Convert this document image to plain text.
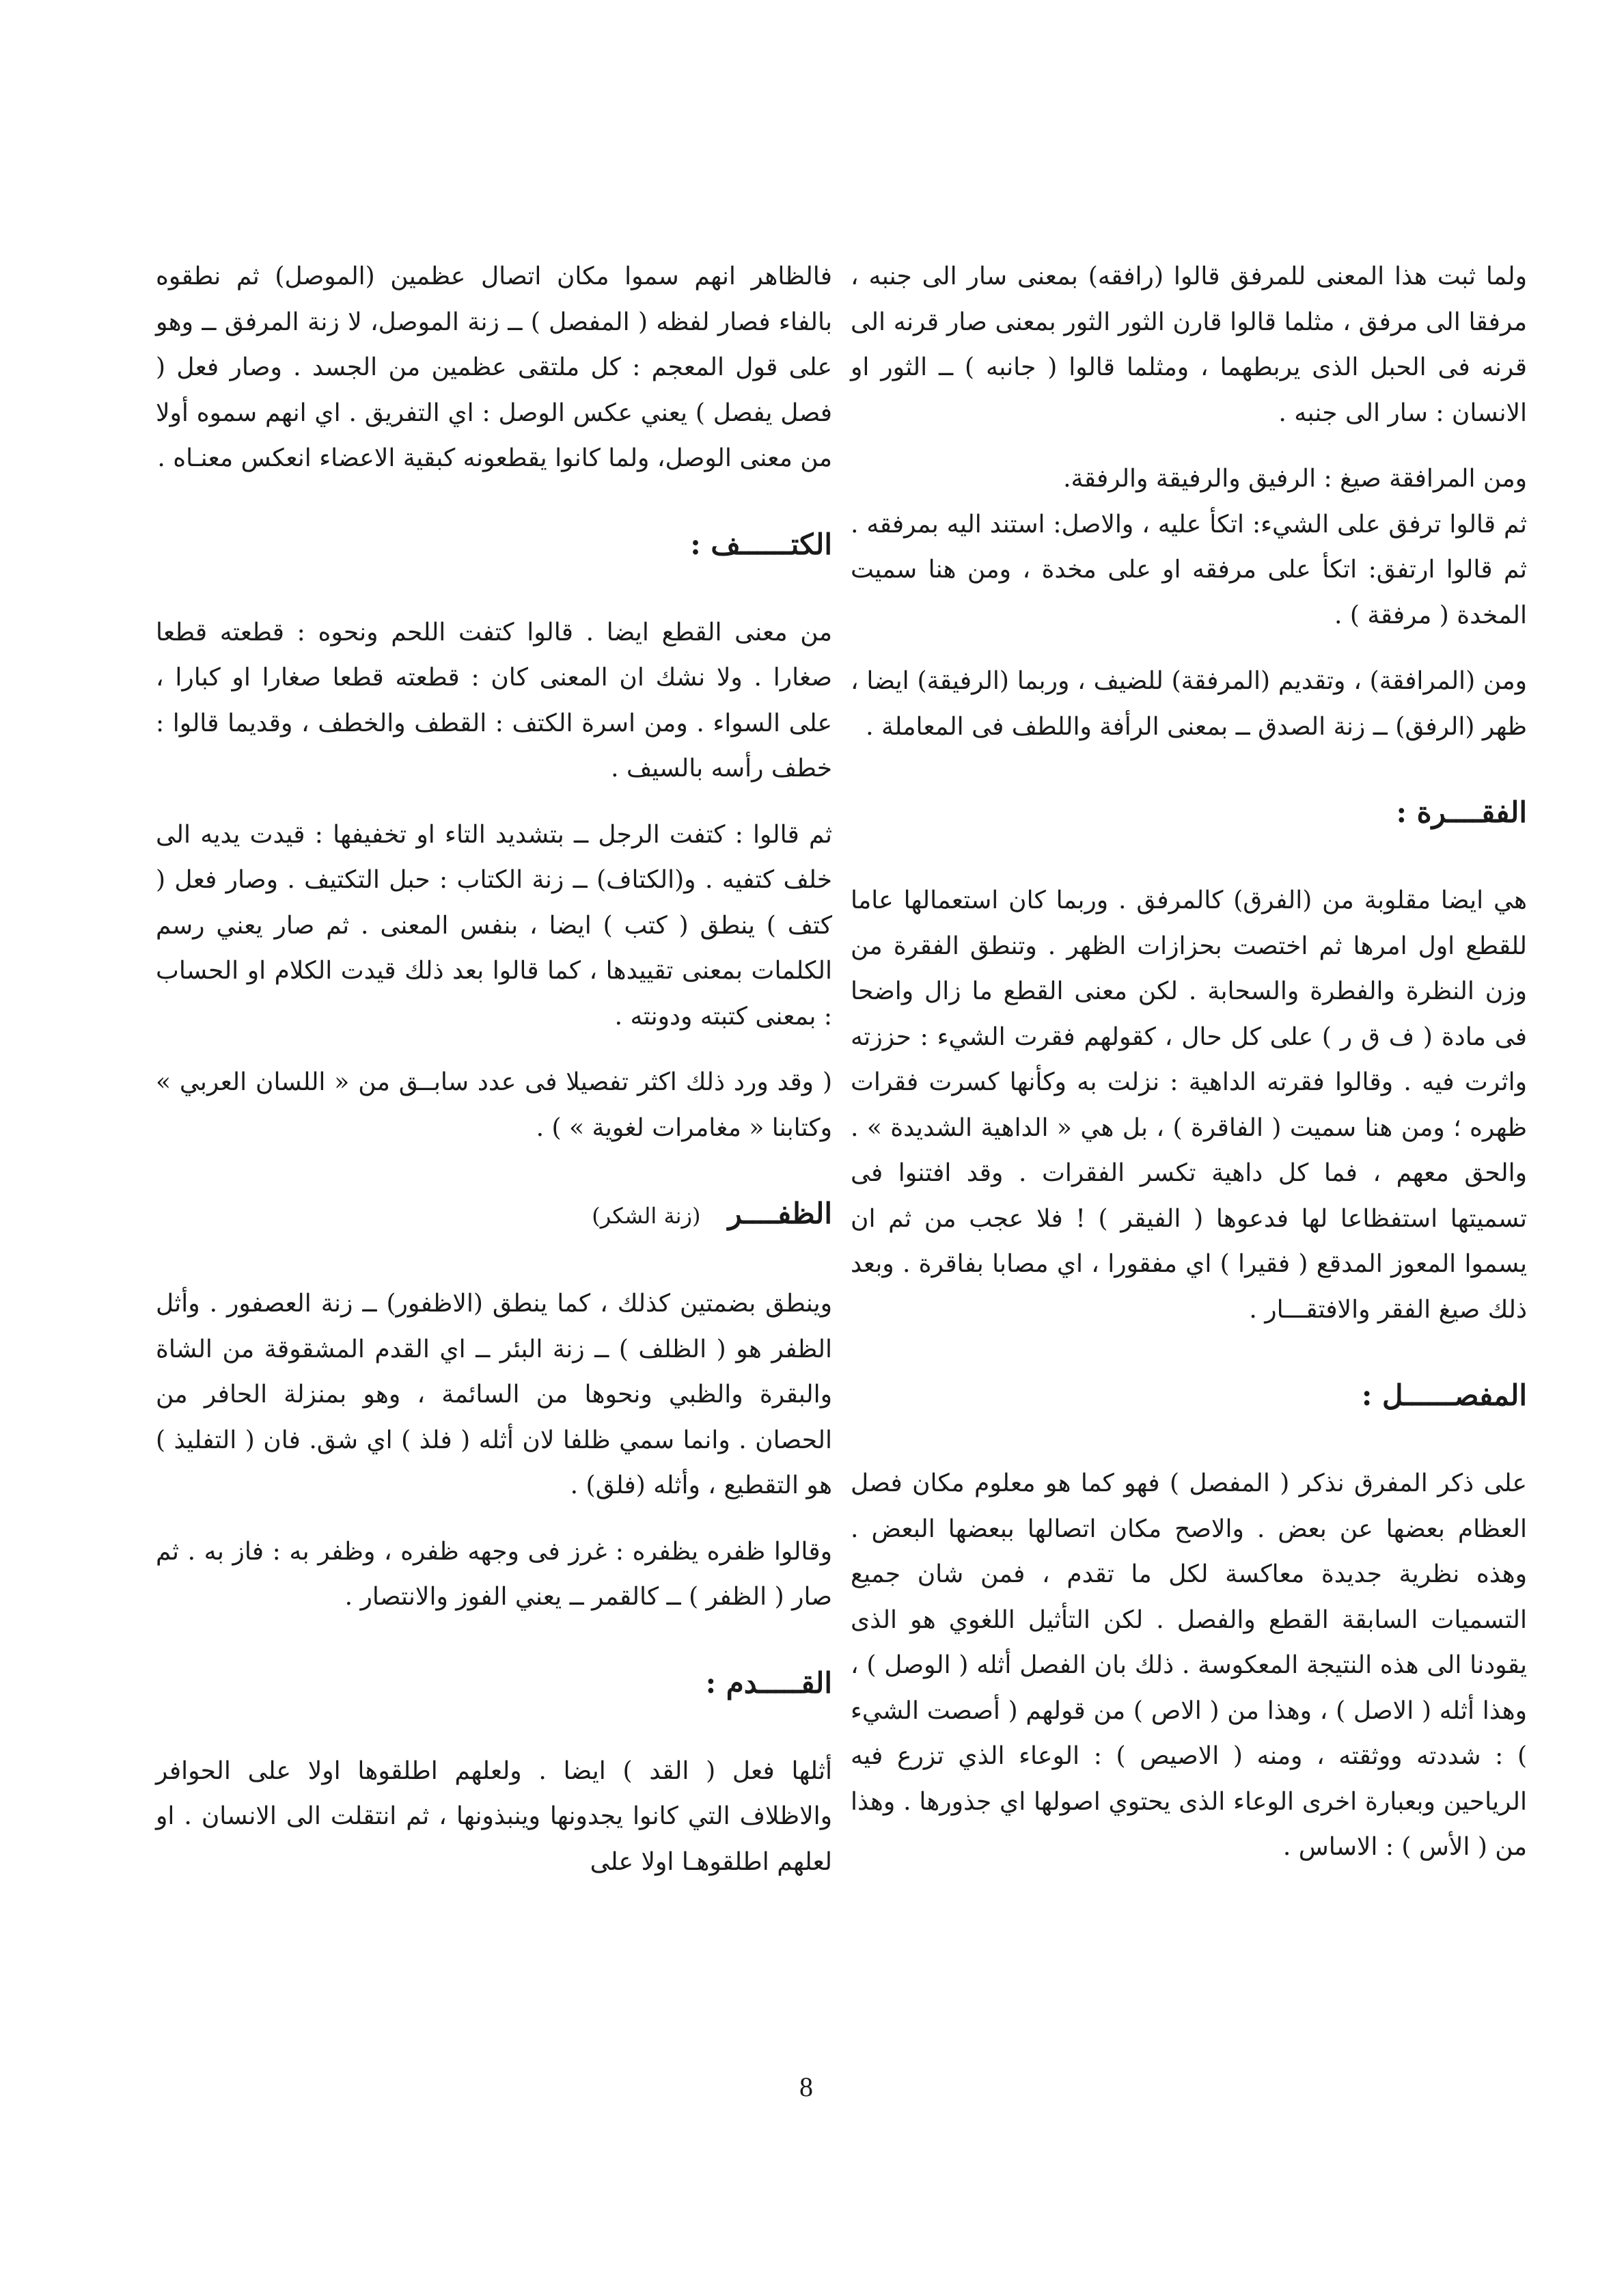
ولما ثبت هذا المعنى للمرفق قالوا (رافقه) بمعنى سار الى جنبه ، مرفقا الى مرفق ، مثلما قالوا قارن الثور الثور بمعنى صار قرنه الى قرنه فى الحبل الذى يربطهما ، ومثلما قالوا ( جانبه ) ــ الثور او الانسان : سار الى جنبه .

ومن المرافقة صيغ : الرفيق والرفيقة والرفقة.

ثم قالوا ترفق على الشيء: اتكأ عليه ، والاصل: استند اليه بمرفقه . ثم قالوا ارتفق: اتكأ على مرفقه او على مخدة ، ومن هنا سميت المخدة ( مرفقة ) .

ومن (المرافقة) ، وتقديم (المرفقة) للضيف ، وربما (الرفيقة) ايضا ، ظهر (الرفق) ــ زنة الصدق ــ بمعنى الرأفة واللطف فى المعاملة .

الفقــــرة :

هي ايضا مقلوبة من (الفرق) كالمرفق . وربما كان استعمالها عاما للقطع اول امرها ثم اختصت بحزازات الظهر . وتنطق الفقرة من وزن النظرة والفطرة والسحابة . لكن معنى القطع ما زال واضحا فى مادة ( ف ق ر ) على كل حال ، كقولهم فقرت الشيء : حززته واثرت فيه . وقالوا فقرته الداهية : نزلت به وكأنها كسرت فقرات ظهره ؛ ومن هنا سميت ( الفاقرة ) ، بل هي « الداهية الشديدة » . والحق معهم ، فما كل داهية تكسر الفقرات . وقد افتنوا فى تسميتها استفظاعا لها فدعوها ( الفيقر ) ! فلا عجب من ثم ان يسموا المعوز المدقع ( فقيرا ) اي مفقورا ، اي مصابا بفاقرة . وبعد ذلك صيغ الفقر والافتقـــار .

المفصــــــل :

على ذكر المفرق نذكر ( المفصل ) فهو كما هو معلوم مكان فصل العظام بعضها عن بعض . والاصح مكان اتصالها ببعضها البعض . وهذه نظرية جديدة معاكسة لكل ما تقدم ، فمن شان جميع التسميات السابقة القطع والفصل . لكن التأثيل اللغوي هو الذى يقودنا الى هذه النتيجة المعكوسة . ذلك بان الفصل أثله ( الوصل ) ، وهذا أثله ( الاصل ) ، وهذا من ( الاص ) من قولهم ( أصصت الشيء ) : شددته ووثقته ، ومنه ( الاصيص ) : الوعاء الذي تزرع فيه الرياحين وبعبارة اخرى الوعاء الذى يحتوي اصولها اي جذورها . وهذا من ( الأس ) : الاساس .

فالظاهر انهم سموا مكان اتصال عظمين (الموصل) ثم نطقوه بالفاء فصار لفظه ( المفصل ) ــ زنة الموصل، لا زنة المرفق ــ وهو على قول المعجم : كل ملتقى عظمين من الجسد . وصار فعل ( فصل يفصل ) يعني عكس الوصل : اي التفريق . اي انهم سموه أولا من معنى الوصل، ولما كانوا يقطعونه كبقية الاعضاء انعكس معنـاه .

الكتــــــف :

من معنى القطع ايضا . قالوا كتفت اللحم ونحوه : قطعته قطعا صغارا . ولا نشك ان المعنى كان : قطعته قطعا صغارا او كبارا ، على السواء . ومن اسرة الكتف : القطف والخطف ، وقديما قالوا : خطف رأسه بالسيف .

ثم قالوا : كتفت الرجل ــ بتشديد التاء او تخفيفها : قيدت يديه الى خلف كتفيه . و(الكتاف) ــ زنة الكتاب : حبل التكتيف . وصار فعل ( كتف ) ينطق ( كتب ) ايضا ، بنفس المعنى . ثم صار يعني رسم الكلمات بمعنى تقييدها ، كما قالوا بعد ذلك قيدت الكلام او الحساب : بمعنى كتبته ودونته .

( وقد ورد ذلك اكثر تفصيلا فى عدد سابــق من « اللسان العربي » وكتابنا « مغامرات لغوية » ) .

الظفــــر(زنة الشكر)

وينطق بضمتين كذلك ، كما ينطق (الاظفور) ــ زنة العصفور . وأثل الظفر هو ( الظلف ) ــ زنة البئر ــ اي القدم المشقوقة من الشاة والبقرة والظبي ونحوها من السائمة ، وهو بمنزلة الحافر من الحصان . وانما سمي ظلفا لان أثله ( فلذ ) اي شق. فان ( التفليذ ) هو التقطيع ، وأثله (فلق) .

وقالوا ظفره يظفره : غرز فى وجهه ظفره ، وظفر به : فاز به . ثم صار ( الظفر ) ــ كالقمر ــ يعني الفوز والانتصار .

القـــــدم :

أثلها فعل ( القد ) ايضا . ولعلهم اطلقوها اولا على الحوافر والاظلاف التي كانوا يجدونها وينبذونها ، ثم انتقلت الى الانسان . او لعلهم اطلقوهـا اولا على

8
